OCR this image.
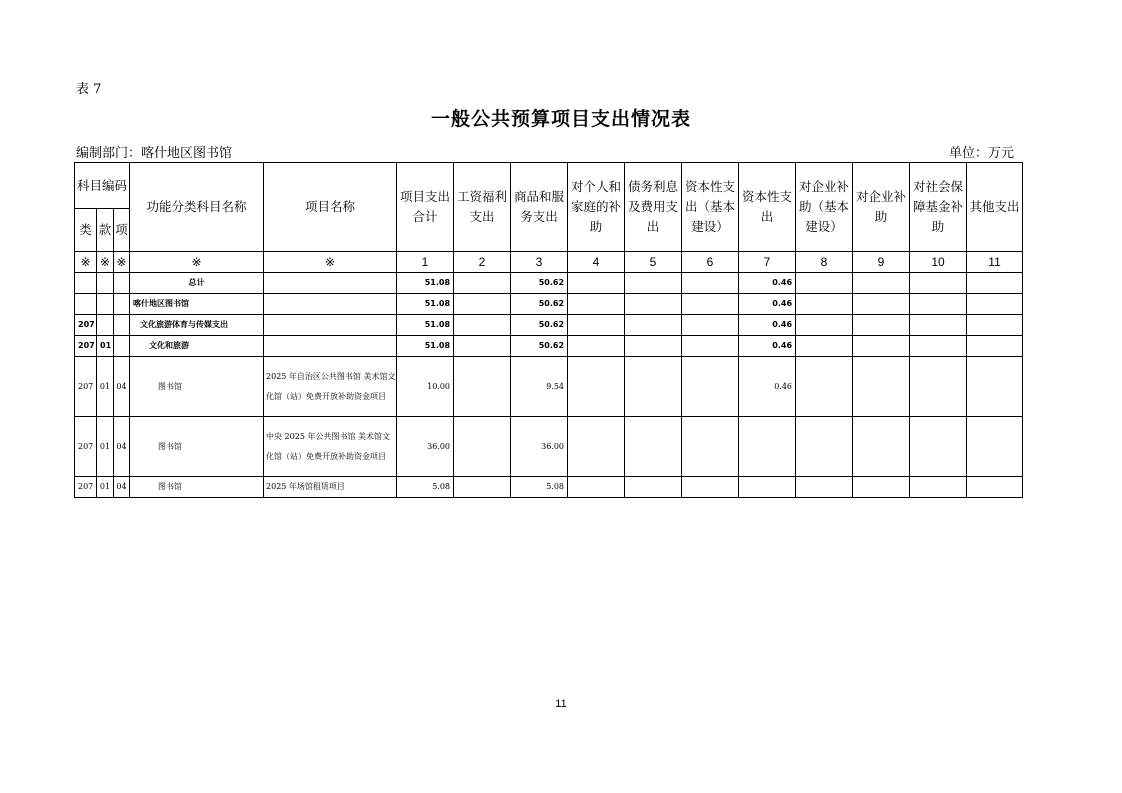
表 7
一般公共预算项目支出情况表
编制部门：喀什地区图书馆	单位：万元
科目编码			功能分类科目名称	项目名称	项目支出合计	工资福利支出	商品和服务支出	对个人和家庭的补助	债务利息及费用支出	资本性支出（基本建设）	资本性支出	对企业补助（基本建设）	对企业补助	对社会保障基金补助	其他支出
类	款	项													
※	※	※	※	※	1	2	3	4	5	6	7	8	9	10	11
			总计		51.08		50.62				0.46				
			喀什地区图书馆		51.08		50.62				0.46				
207			文化旅游体育与传媒支出		51.08		50.62				0.46				
207	01		文化和旅游		51.08		50.62				0.46				
207	01	04	图书馆	2025 年自治区公共图书馆 美术馆文化馆（站）免费开放补助资金项目	10.00		9.54				0.46				
207	01	04	图书馆	中央 2025 年公共图书馆 美术馆文化馆（站）免费开放补助资金项目	36.00		36.00								
207	01	04	图书馆	2025 年场馆租赁项目	5.08		5.08								
11
